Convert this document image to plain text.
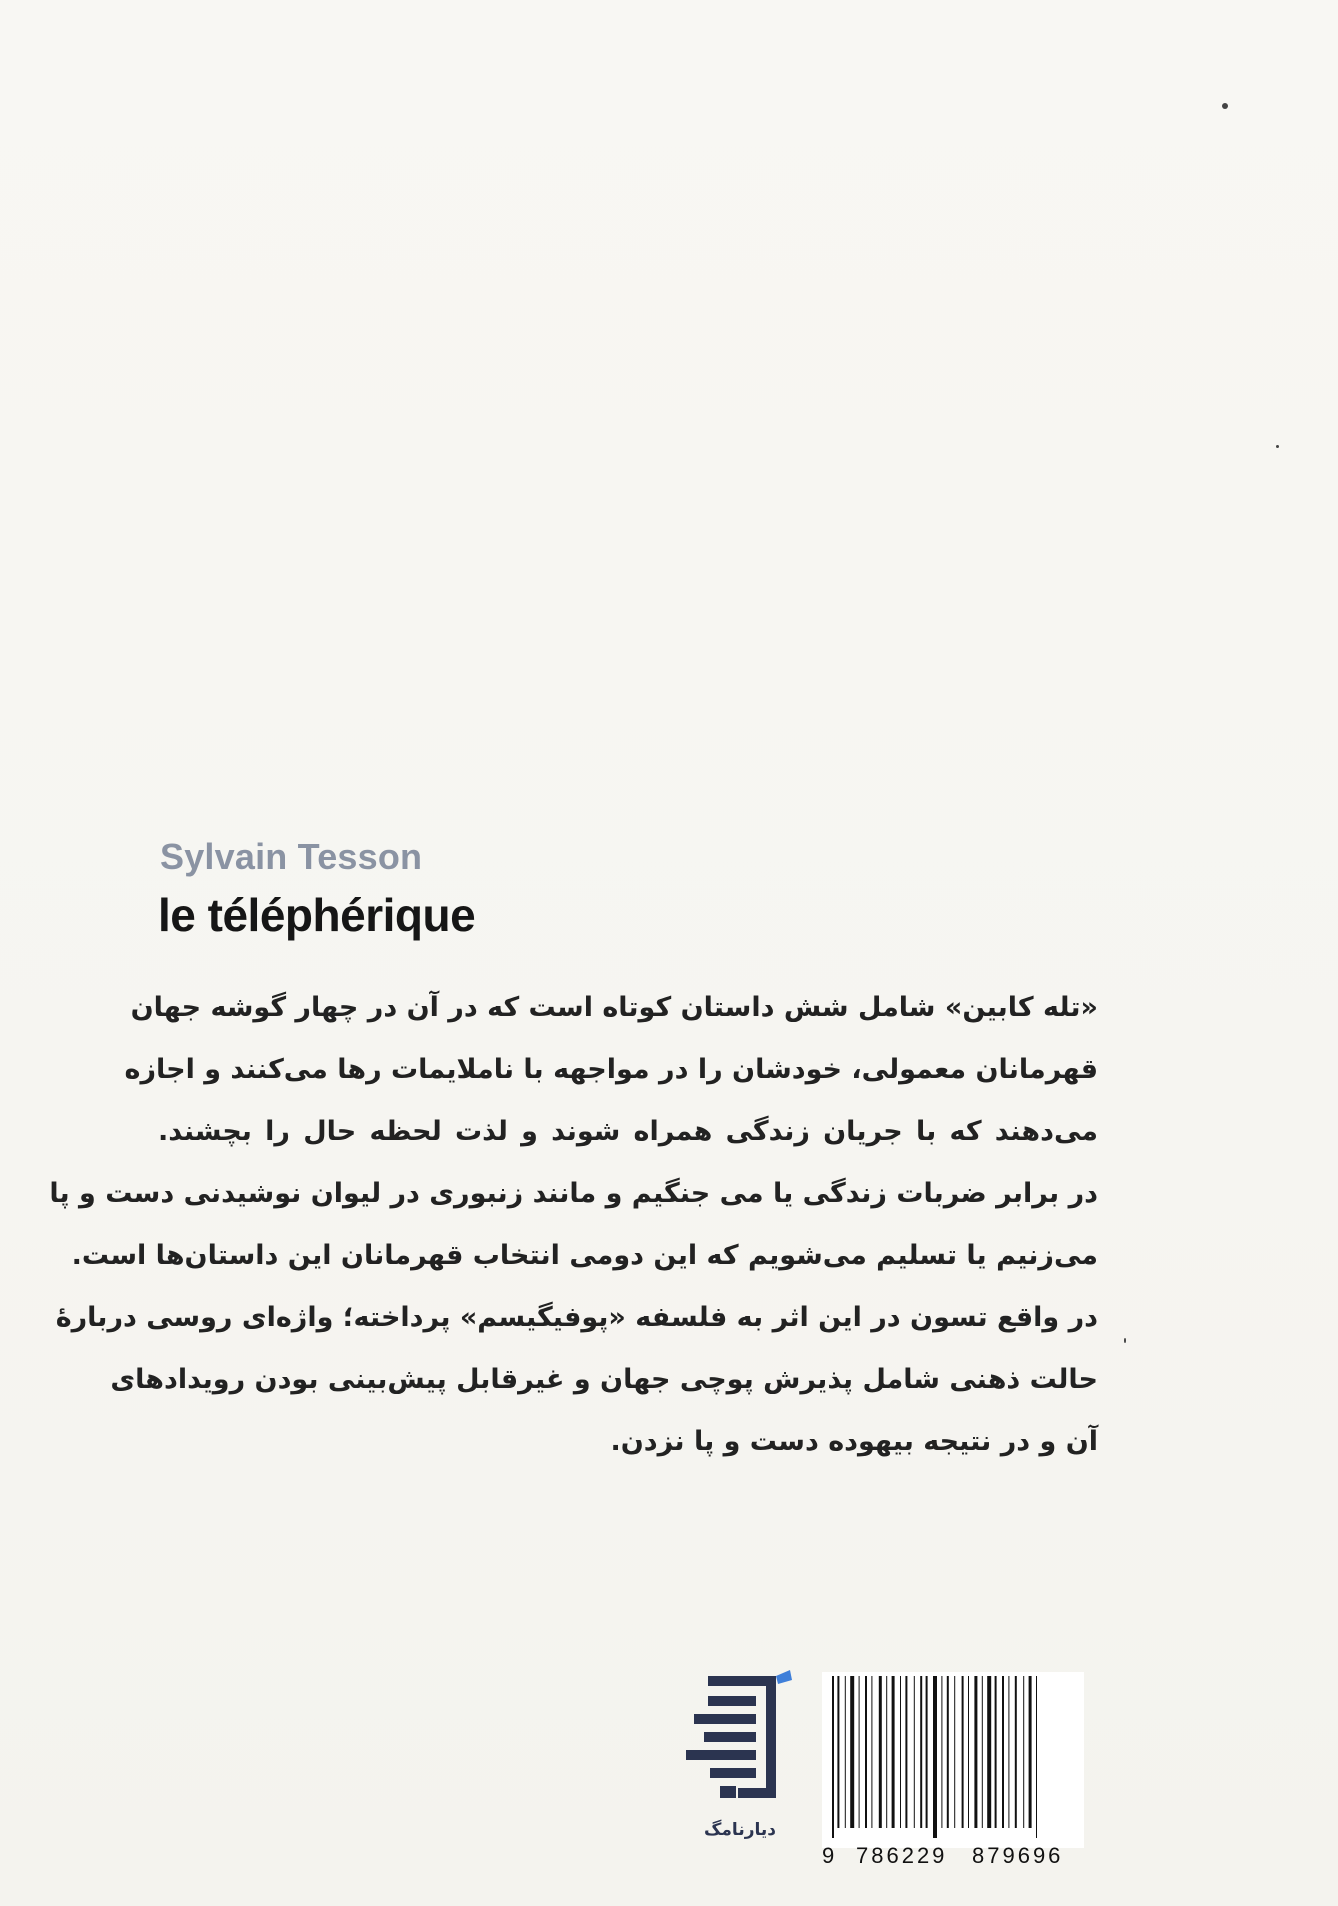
Sylvain Tesson
le téléphérique
«تله کابین» شامل شش داستان کوتاه است که در آن در چهار گوشه جهان
قهرمانان معمولی، خودشان را در مواجهه با ناملایمات رها می‌کنند و اجازه
می‌دهند که با جریان زندگی همراه شوند و لذت لحظه حال را بچشند.
در برابر ضربات زندگی یا می جنگیم و مانند زنبوری در لیوان نوشیدنی دست و پا
می‌زنیم یا تسلیم می‌شویم که این دومی انتخاب قهرمانان این داستان‌ها است.
در واقع تسون در این اثر به فلسفه «پوفیگیسم» پرداخته؛ واژه‌ای روسی دربارهٔ
حالت ذهنی شامل پذیرش پوچی جهان و غیرقابل پیش‌بینی بودن رویدادهای
آن و در نتیجه بیهوده دست و پا نزدن.
دیارنامگ
9 786229 879696
